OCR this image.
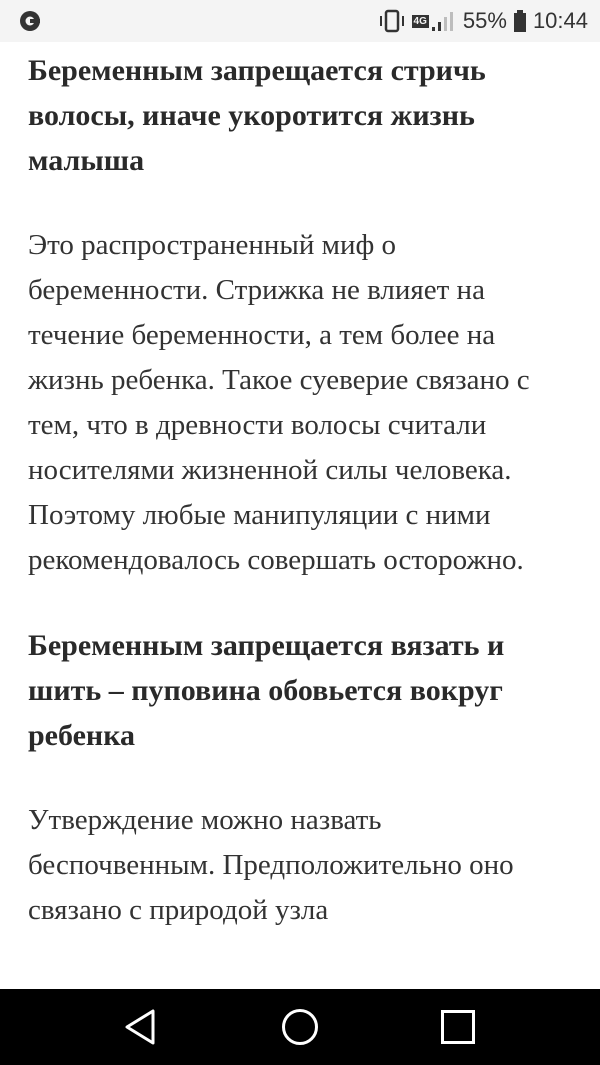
4G 55% 10:44
Беременным запрещается стричь волосы, иначе укоротится жизнь малыша

Это распространенный миф о беременности. Стрижка не влияет на течение беременности, а тем более на жизнь ребенка. Такое суеверие связано с тем, что в древности волосы считали носителями жизненной силы человека. Поэтому любые манипуляции с ними рекомендовалось совершать осторожно.

Беременным запрещается вязать и шить – пуповина обовьется вокруг ребенка

Утверждение можно назвать беспочвенным. Предположительно оно связано с природой узла
